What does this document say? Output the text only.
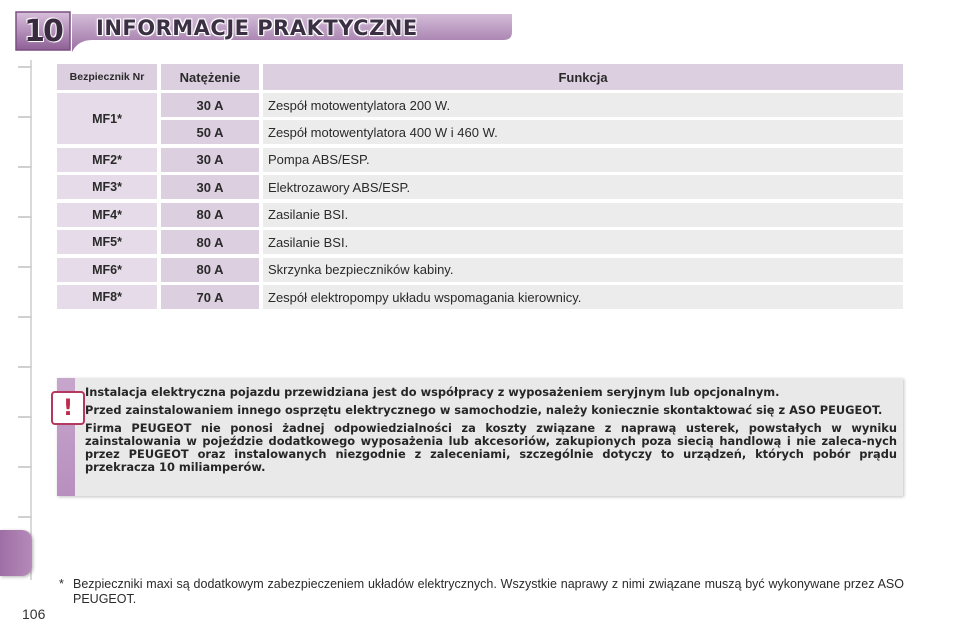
10	INFORMACJE PRAKTYCZNE
Bezpiecznik Nr	Natężenie	Funkcja
MF1*
30 A	Zespół motowentylatora 200 W.
50 A	Zespół motowentylatora 400 W i 460 W.
MF2*	30 A	Pompa ABS/ESP.
MF3*	30 A	Elektrozawory ABS/ESP.
MF4*	80 A	Zasilanie BSI.
MF5*	80 A	Zasilanie BSI.
MF6*	80 A	Skrzynka bezpieczników kabiny.
MF8*	70 A	Zespół elektropompy układu wspomagania kierownicy.
!

Instalacja elektryczna pojazdu przewidziana jest do współpracy z wyposażeniem seryjnym lub opcjonalnym.

Przed zainstalowaniem innego osprzętu elektrycznego w samochodzie, należy koniecznie skontaktować się z ASO PEUGEOT.

Firma PEUGEOT nie ponosi żadnej odpowiedzialności za koszty związane z naprawą usterek, powstałych w wyniku zainstalowania w pojeździe dodatkowego wyposażenia lub akcesoriów, zakupionych poza siecią handlową i nie zaleca-nych przez PEUGEOT oraz instalowanych niezgodnie z zaleceniami, szczególnie dotyczy to urządzeń, których pobór prądu przekracza 10 miliamperów.

* Bezpieczniki maxi są dodatkowym zabezpieczeniem układów elektrycznych. Wszystkie naprawy z nimi związane muszą być wykonywane przez ASO PEUGEOT.
106
